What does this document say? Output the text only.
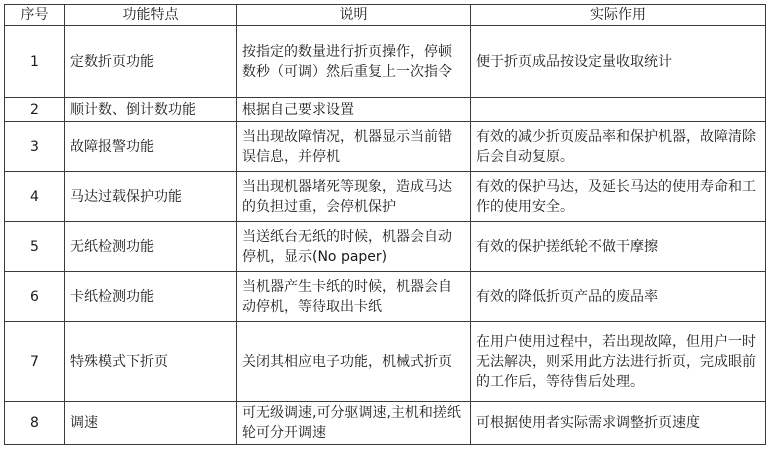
序号	功能特点	说明	实际作用
1	定数折页功能	按指定的数量进行折页操作，停顿数秒（可调）然后重复上一次指令	便于折页成品按设定量收取统计
2	顺计数、倒计数功能	根据自己要求设置	
3	故障报警功能	当出现故障情况，机器显示当前错误信息，并停机	有效的减少折页废品率和保护机器，故障清除后会自动复原。
4	马达过载保护功能	当出现机器堵死等现象，造成马达的负担过重，会停机保护	有效的保护马达，及延长马达的使用寿命和工作的使用安全。
5	无纸检测功能	当送纸台无纸的时候，机器会自动停机，显示(No paper)	有效的保护搓纸轮不做干摩擦
6	卡纸检测功能	当机器产生卡纸的时候，机器会自动停机，等待取出卡纸	有效的降低折页产品的废品率
7	特殊模式下折页	关闭其相应电子功能，机械式折页	在用户使用过程中，若出现故障，但用户一时无法解决，则采用此方法进行折页，完成眼前的工作后，等待售后处理。
8	调速	可无级调速,可分驱调速,主机和搓纸轮可分开调速	可根据使用者实际需求调整折页速度
